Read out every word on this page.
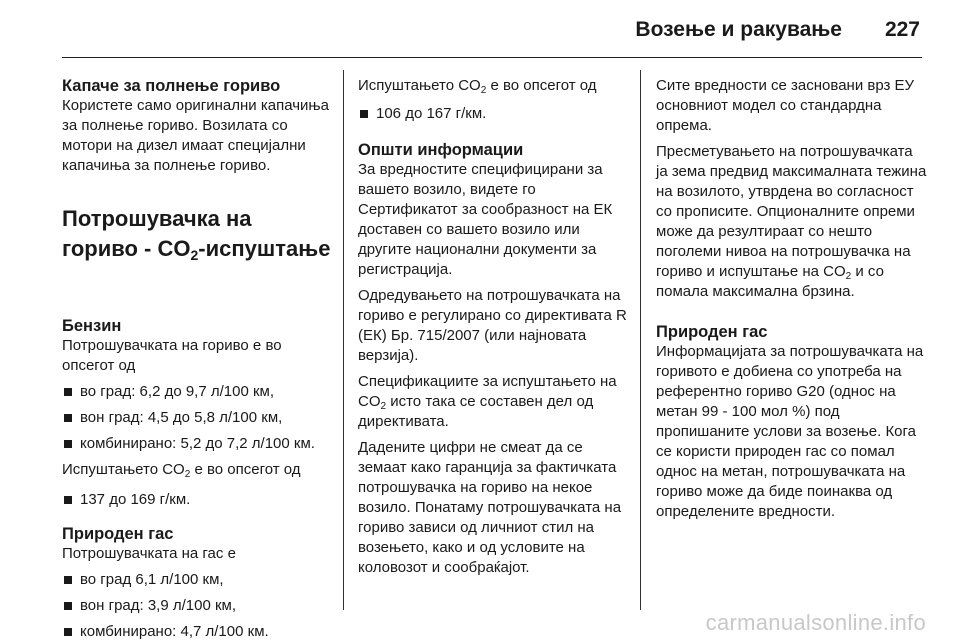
Возење и ракување 227
Капаче за полнење гориво

Користете само оригинални капачиња за полнење гориво. Возилата со мотори на дизел имаат специјални капачиња за полнење гориво.

Потрошувачка на
гориво - $CO_2$-испуштање
Бензин

Потрошувачката на гориво е во опсегот од

во град: 6,2 до 9,7 л/100 км,
вон град: 4,5 до 5,8 л/100 км,
комбинирано: 5,2 до 7,2 л/100 км.

Испуштањето $CO_2$ е во опсегот од

137 до 169 г/км.
Природен гас

Потрошувачката на гас е

во град 6,1 л/100 км,
вон град: 3,9 л/100 км,
комбинирано: 4,7 л/100 км.

Испуштањето $CO_2$ е во опсегот од

106 до 167 г/км.
Општи информации

За вредностите специфицирани за вашето возило, видете го Сертификатот за сообразност на ЕК доставен со вашето возило или другите национални документи за регистрација.

Одредувањето на потрошувачката на гориво е регулирано со директивата R (ЕК) Бр. 715/2007 (или најновата верзија).

Спецификациите за испуштањето на $CO_2$ исто така се составен дел од директивата.

Дадените цифри не смеат да се земаат како гаранција за фактичката потрошувачка на гориво на некое возило. Понатаму потрошувачката на гориво зависи од личниот стил на возењето, како и од условите на коловозот и сообраќајот.

Сите вредности се засновани врз ЕУ основниот модел со стандардна опрема.

Пресметувањето на потрошувачката ја зема предвид максималната тежина на возилото, утврдена во согласност со прописите. Опционалните опреми може да резултираат со нешто поголеми нивоа на потрошувачка на гориво и испуштање на $CO_2$ и со помала максимална брзина.

Природен гас

Информацијата за потрошувачката на горивото е добиена со употреба на референтно гориво G20 (однос на метан 99 - 100 мол %) под пропишаните услови за возење. Кога се користи природен гас со помал однос на метан, потрошувачката на гориво може да биде поинаква од определените вредности.

carmanualsonline.info
